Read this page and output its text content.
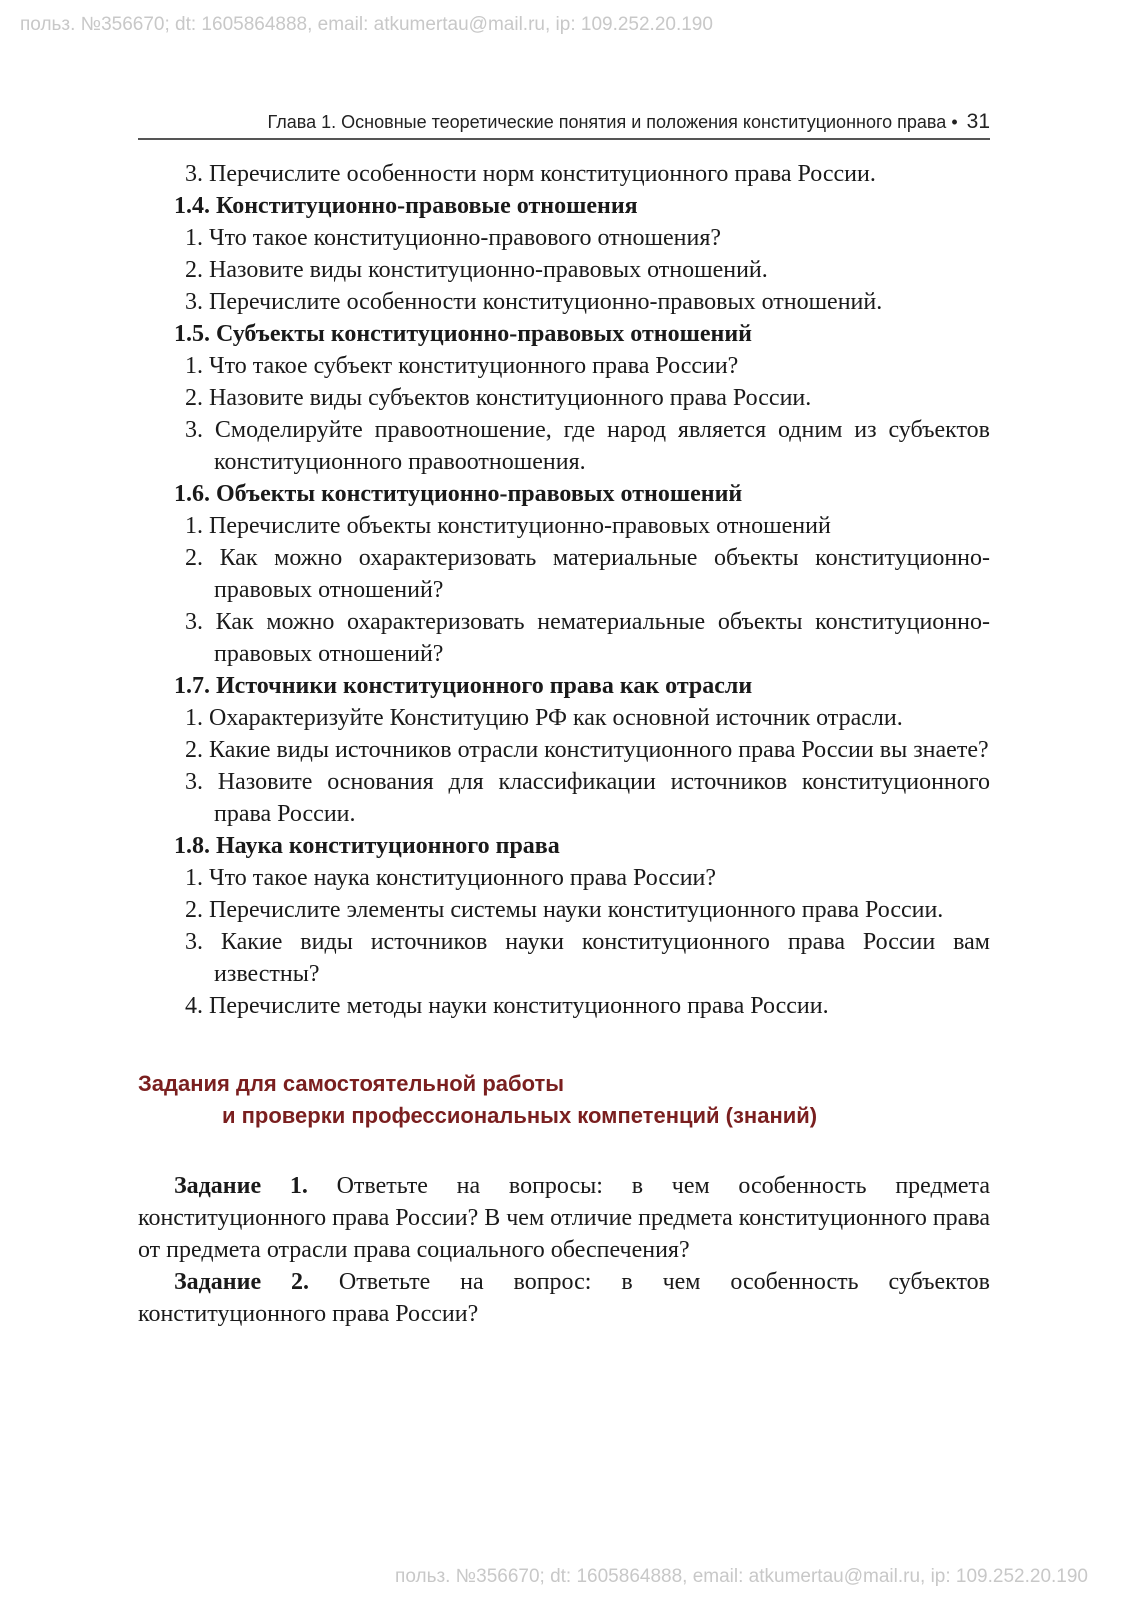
польз. №356670; dt: 1605864888, email: atkumertau@mail.ru, ip: 109.252.20.190
Глава 1. Основные теоретические понятия и положения конституционного права • 31
3. Перечислите особенности норм конституционного права России.
1.4. Конституционно-правовые отношения
1. Что такое конституционно-правового отношения?
2. Назовите виды конституционно-правовых отношений.
3. Перечислите особенности конституционно-правовых отношений.
1.5. Субъекты конституционно-правовых отношений
1. Что такое субъект конституционного права России?
2. Назовите виды субъектов конституционного права России.
3. Смоделируйте правоотношение, где народ является одним из субъектов конституционного правоотношения.
1.6. Объекты конституционно-правовых отношений
1. Перечислите объекты конституционно-правовых отношений
2. Как можно охарактеризовать материальные объекты конституционно-правовых отношений?
3. Как можно охарактеризовать нематериальные объекты конституционно-правовых отношений?
1.7. Источники конституционного права как отрасли
1. Охарактеризуйте Конституцию РФ как основной источник отрасли.
2. Какие виды источников отрасли конституционного права России вы знаете?
3. Назовите основания для классификации источников конституционного права России.
1.8. Наука конституционного права
1. Что такое наука конституционного права России?
2. Перечислите элементы системы науки конституционного права России.
3. Какие виды источников науки конституционного права России вам известны?
4. Перечислите методы науки конституционного права России.
Задания для самостоятельной работы
и проверки профессиональных компетенций (знаний)
Задание 1. Ответьте на вопросы: в чем особенность предмета конституционного права России? В чем отличие предмета конституционного права от предмета отрасли права социального обеспечения?
Задание 2. Ответьте на вопрос: в чем особенность субъектов конституционного права России?
польз. №356670; dt: 1605864888, email: atkumertau@mail.ru, ip: 109.252.20.190
